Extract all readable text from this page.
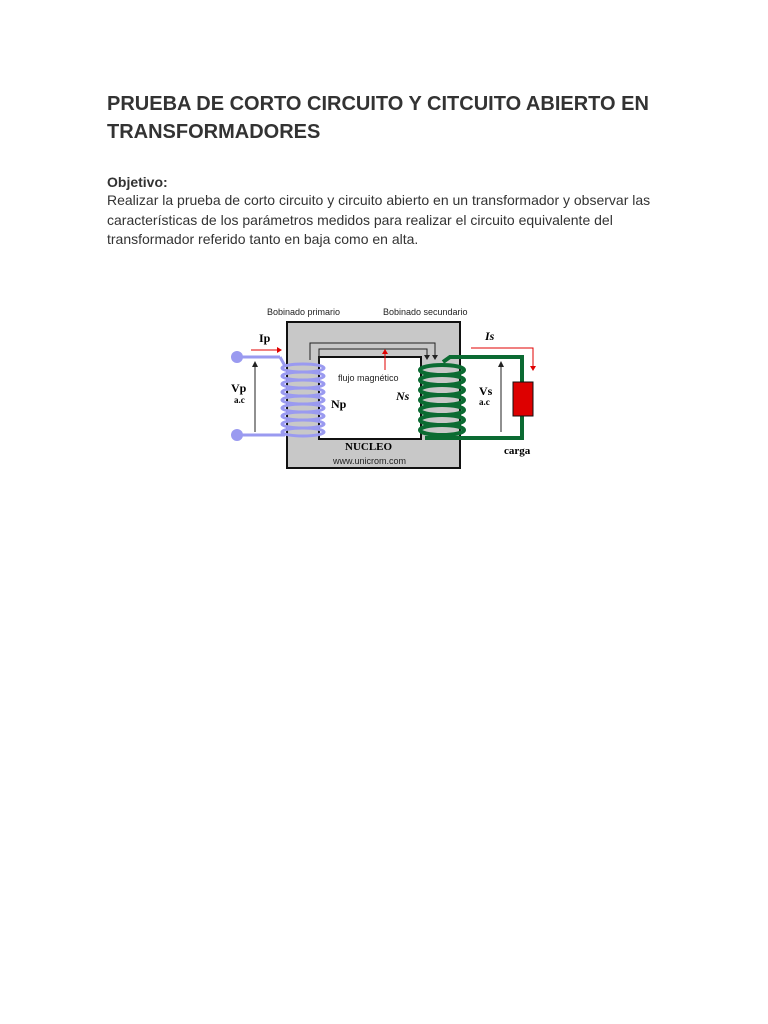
PRUEBA DE CORTO CIRCUITO Y CITCUITO ABIERTO EN TRANSFORMADORES
Objetivo:

Realizar la prueba de corto circuito y circuito abierto en un transformador y observar las características de los parámetros medidos para realizar el circuito equivalente del transformador referido tanto en baja como en alta.

Bobinado primario	Bobinado secundario
Ip	Is
flujo magnético
Vp
a.c	Np
Ns	Vs
a.c
NUCLEO
www.unicrom.com
carga
